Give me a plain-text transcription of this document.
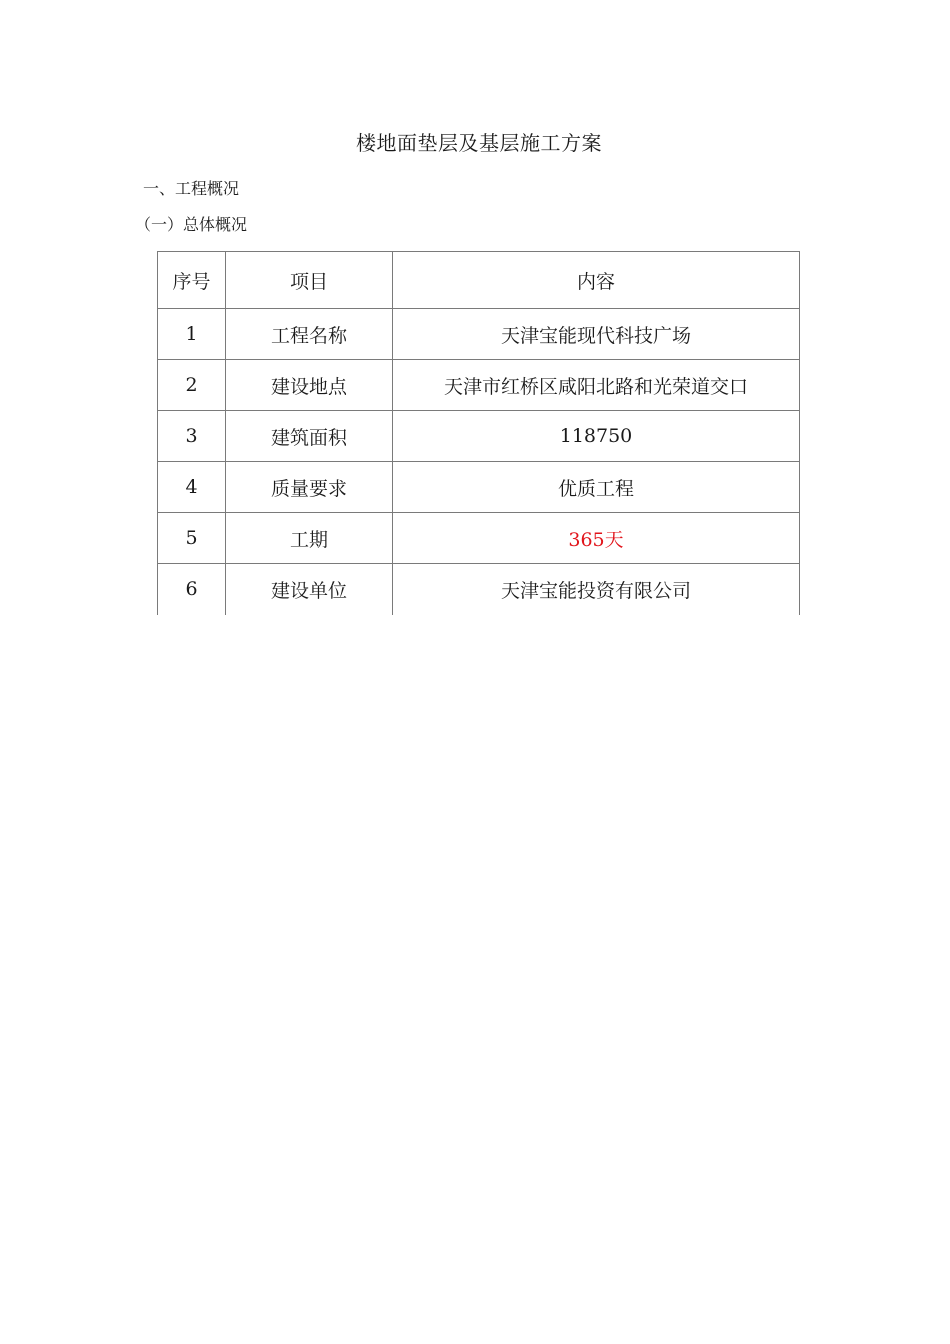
楼地面垫层及基层施工方案
一、工程概况
（一）总体概况
序号	项目	内容
1	工程名称	天津宝能现代科技广场
2	建设地点	天津市红桥区咸阳北路和光荣道交口
3	建筑面积	118750
4	质量要求	优质工程
5	工期	365天
6	建设单位	天津宝能投资有限公司
